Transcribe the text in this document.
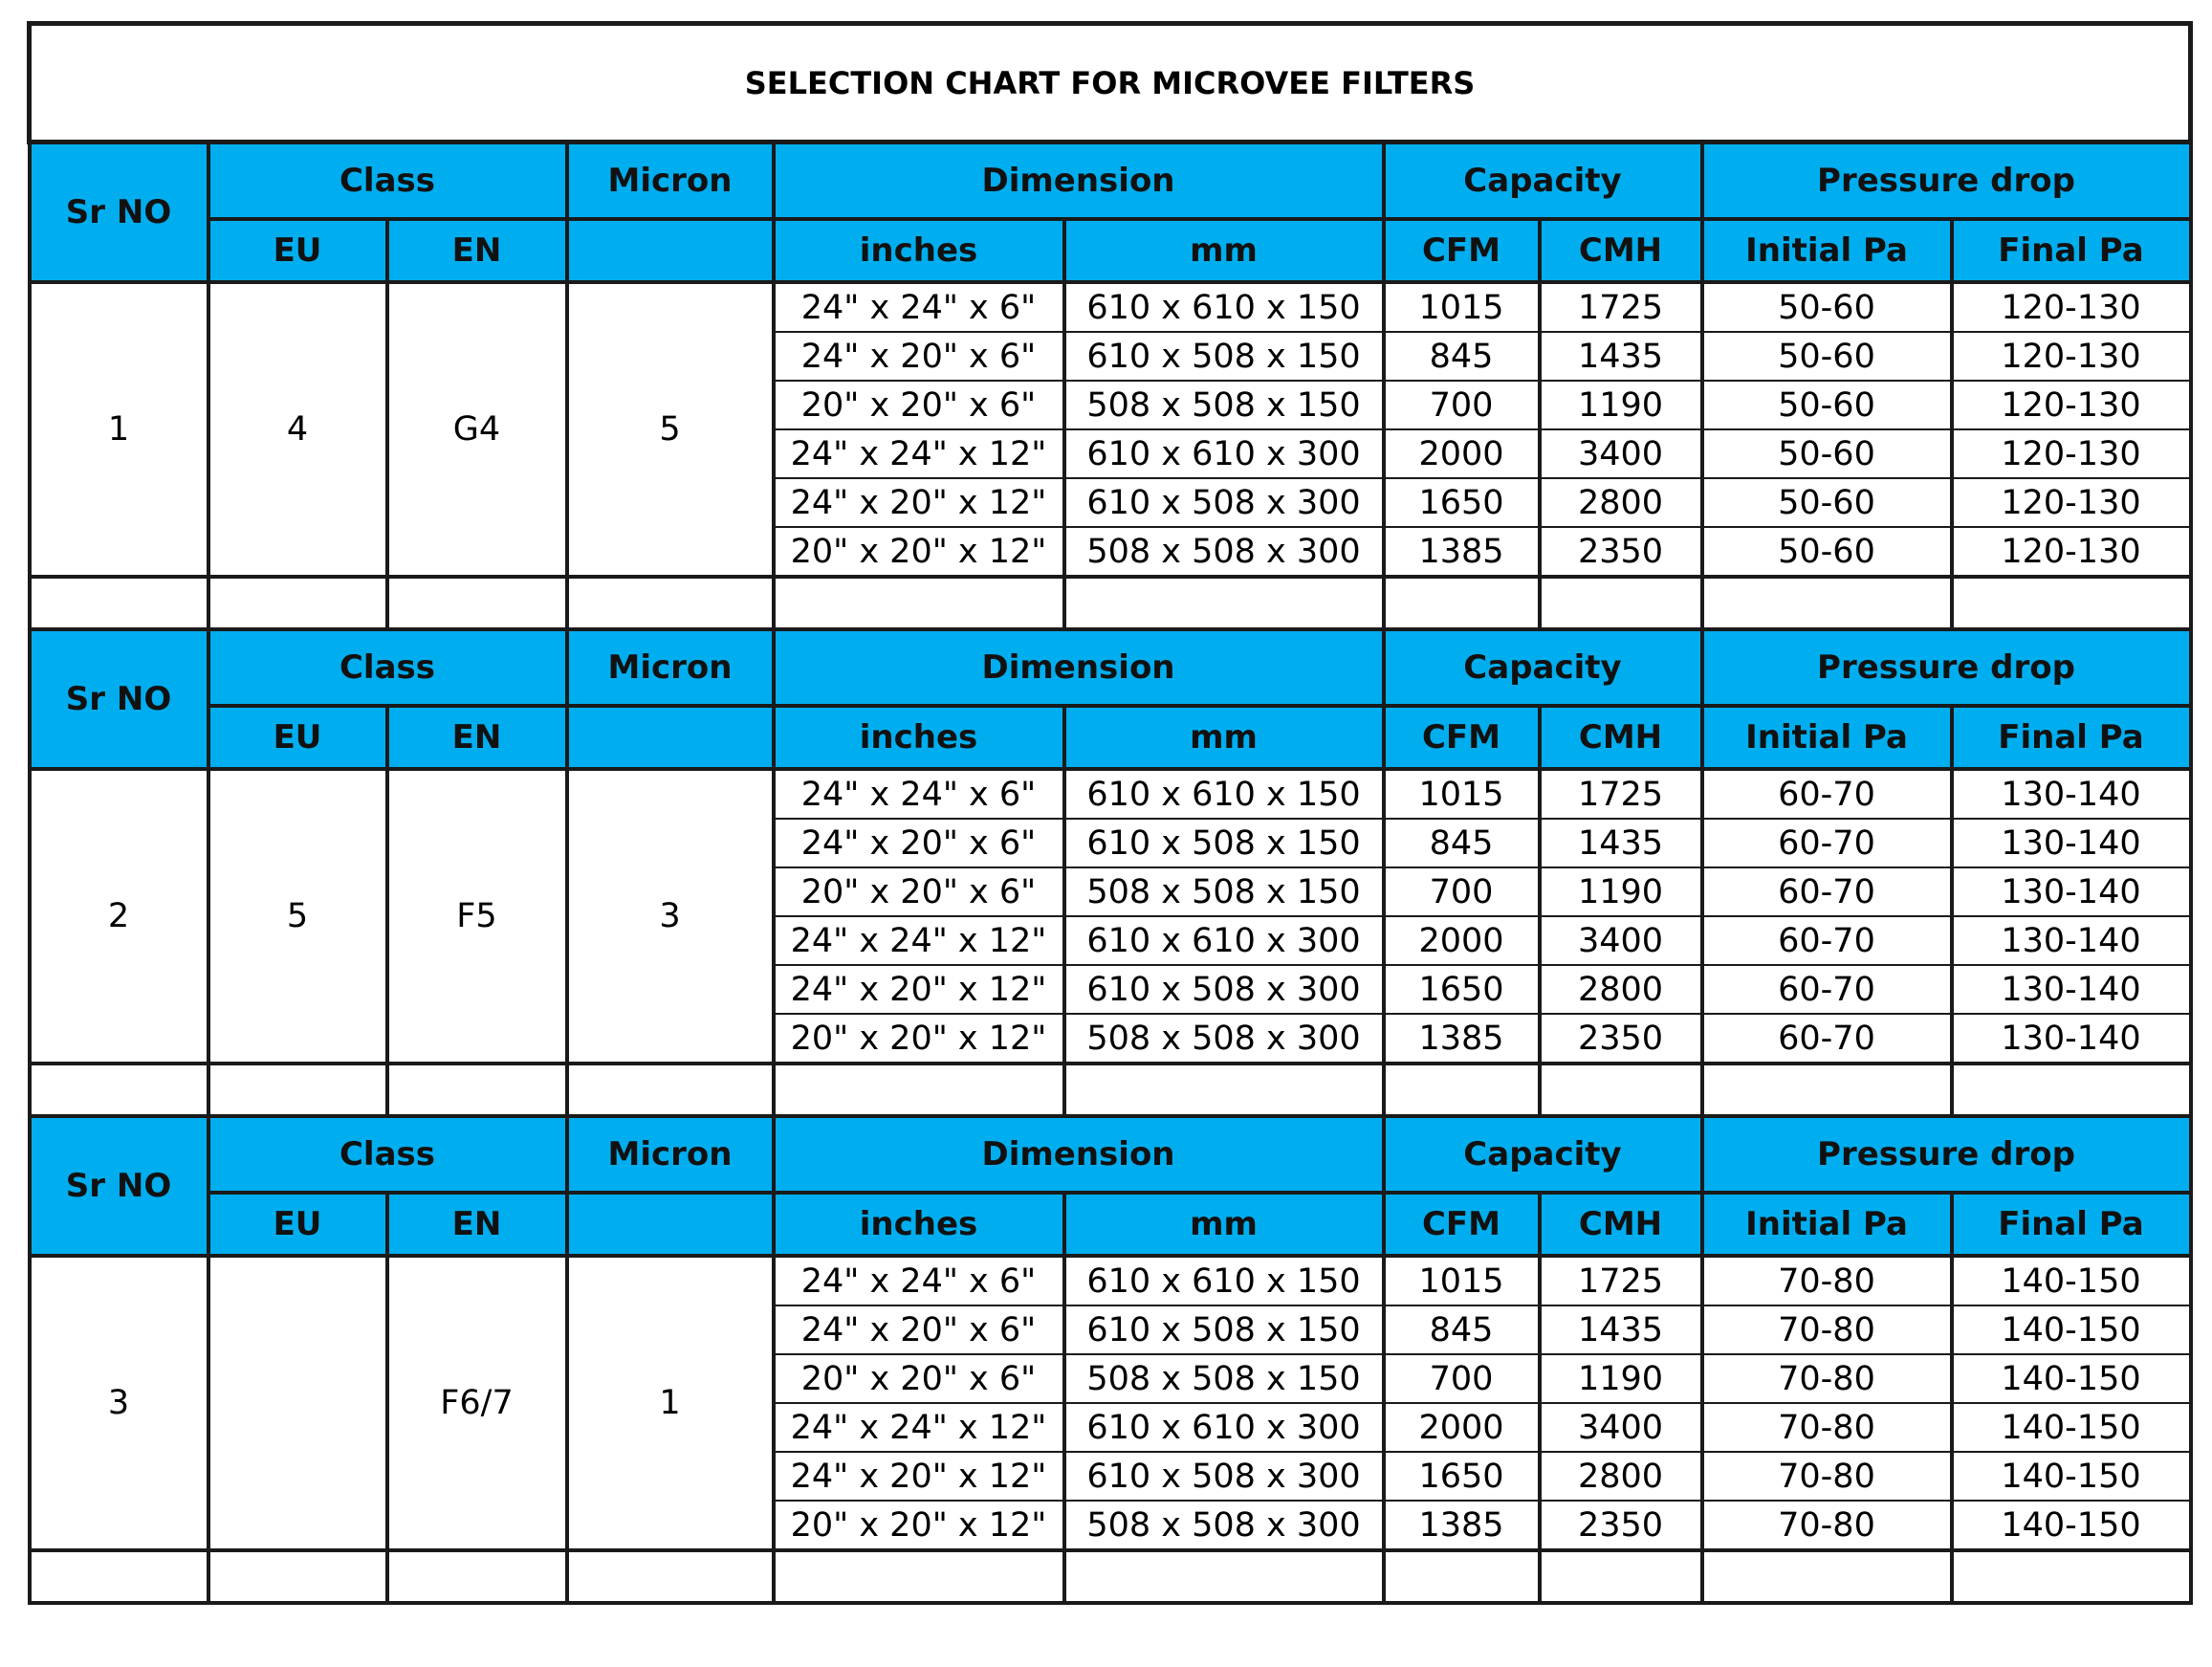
SELECTION CHART FOR MICROVEE FILTERS									
Sr NO	Class		Micron	Dimension		Capacity		Pressure drop	
	EU	EN		inches	mm	CFM	CMH	Initial Pa	Final Pa
1	4	G4	5	24" x 24" x 6"	610 x 610 x 150	1015	1725	50-60	120-130
				24" x 20" x 6"	610 x 508 x 150	845	1435	50-60	120-130
				20" x 20" x 6"	508 x 508 x 150	700	1190	50-60	120-130
				24" x 24" x 12"	610 x 610 x 300	2000	3400	50-60	120-130
				24" x 20" x 12"	610 x 508 x 300	1650	2800	50-60	120-130
				20" x 20" x 12"	508 x 508 x 300	1385	2350	50-60	120-130

Sr NO	Class		Micron	Dimension		Capacity		Pressure drop	
	EU	EN		inches	mm	CFM	CMH	Initial Pa	Final Pa
2	5	F5	3	24" x 24" x 6"	610 x 610 x 150	1015	1725	60-70	130-140
				24" x 20" x 6"	610 x 508 x 150	845	1435	60-70	130-140
				20" x 20" x 6"	508 x 508 x 150	700	1190	60-70	130-140
				24" x 24" x 12"	610 x 610 x 300	2000	3400	60-70	130-140
				24" x 20" x 12"	610 x 508 x 300	1650	2800	60-70	130-140
				20" x 20" x 12"	508 x 508 x 300	1385	2350	60-70	130-140

Sr NO	Class		Micron	Dimension		Capacity		Pressure drop	
	EU	EN		inches	mm	CFM	CMH	Initial Pa	Final Pa
3		F6/7	1	24" x 24" x 6"	610 x 610 x 150	1015	1725	70-80	140-150
				24" x 20" x 6"	610 x 508 x 150	845	1435	70-80	140-150
				20" x 20" x 6"	508 x 508 x 150	700	1190	70-80	140-150
				24" x 24" x 12"	610 x 610 x 300	2000	3400	70-80	140-150
				24" x 20" x 12"	610 x 508 x 300	1650	2800	70-80	140-150
				20" x 20" x 12"	508 x 508 x 300	1385	2350	70-80	140-150
